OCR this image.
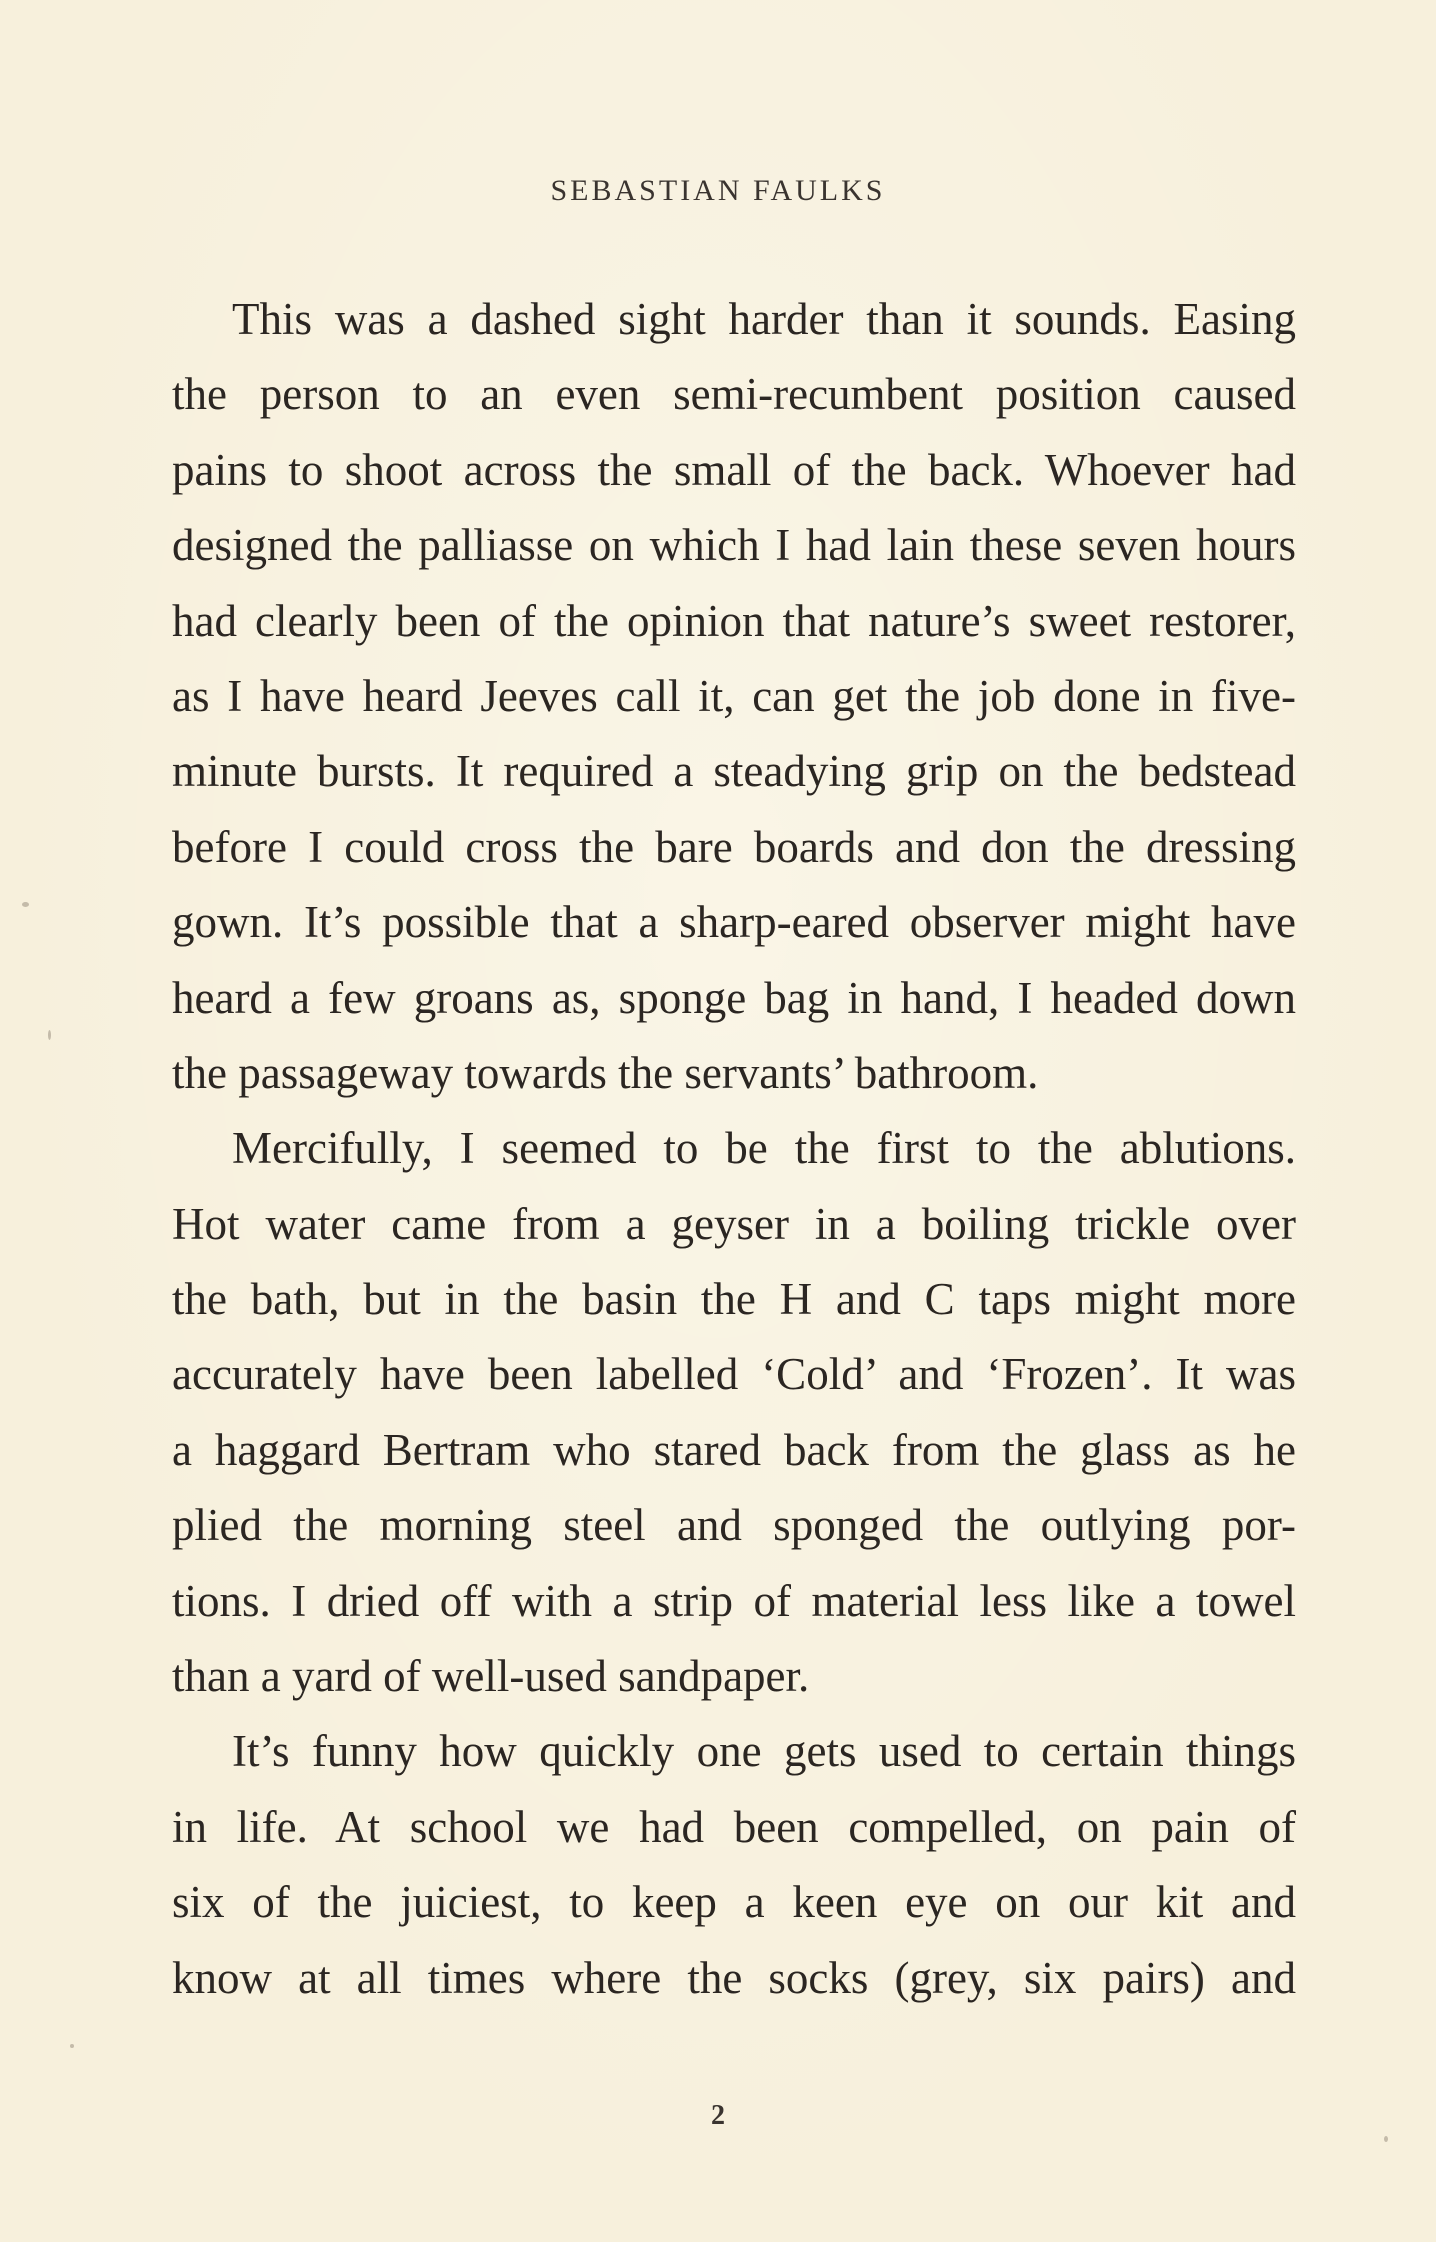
SEBASTIAN FAULKS
This was a dashed sight harder than it sounds. Easing
the person to an even semi-recumbent position caused
pains to shoot across the small of the back. Whoever had
designed the palliasse on which I had lain these seven hours
had clearly been of the opinion that nature’s sweet restorer,
as I have heard Jeeves call it, can get the job done in five-
minute bursts. It required a steadying grip on the bedstead
before I could cross the bare boards and don the dressing
gown. It’s possible that a sharp-eared observer might have
heard a few groans as, sponge bag in hand, I headed down
the passageway towards the servants’ bathroom.
Mercifully, I seemed to be the first to the ablutions.
Hot water came from a geyser in a boiling trickle over
the bath, but in the basin the H and C taps might more
accurately have been labelled ‘Cold’ and ‘Frozen’. It was
a haggard Bertram who stared back from the glass as he
plied the morning steel and sponged the outlying por-
tions. I dried off with a strip of material less like a towel
than a yard of well-used sandpaper.
It’s funny how quickly one gets used to certain things
in life. At school we had been compelled, on pain of
six of the juiciest, to keep a keen eye on our kit and
know at all times where the socks (grey, six pairs) and
2
